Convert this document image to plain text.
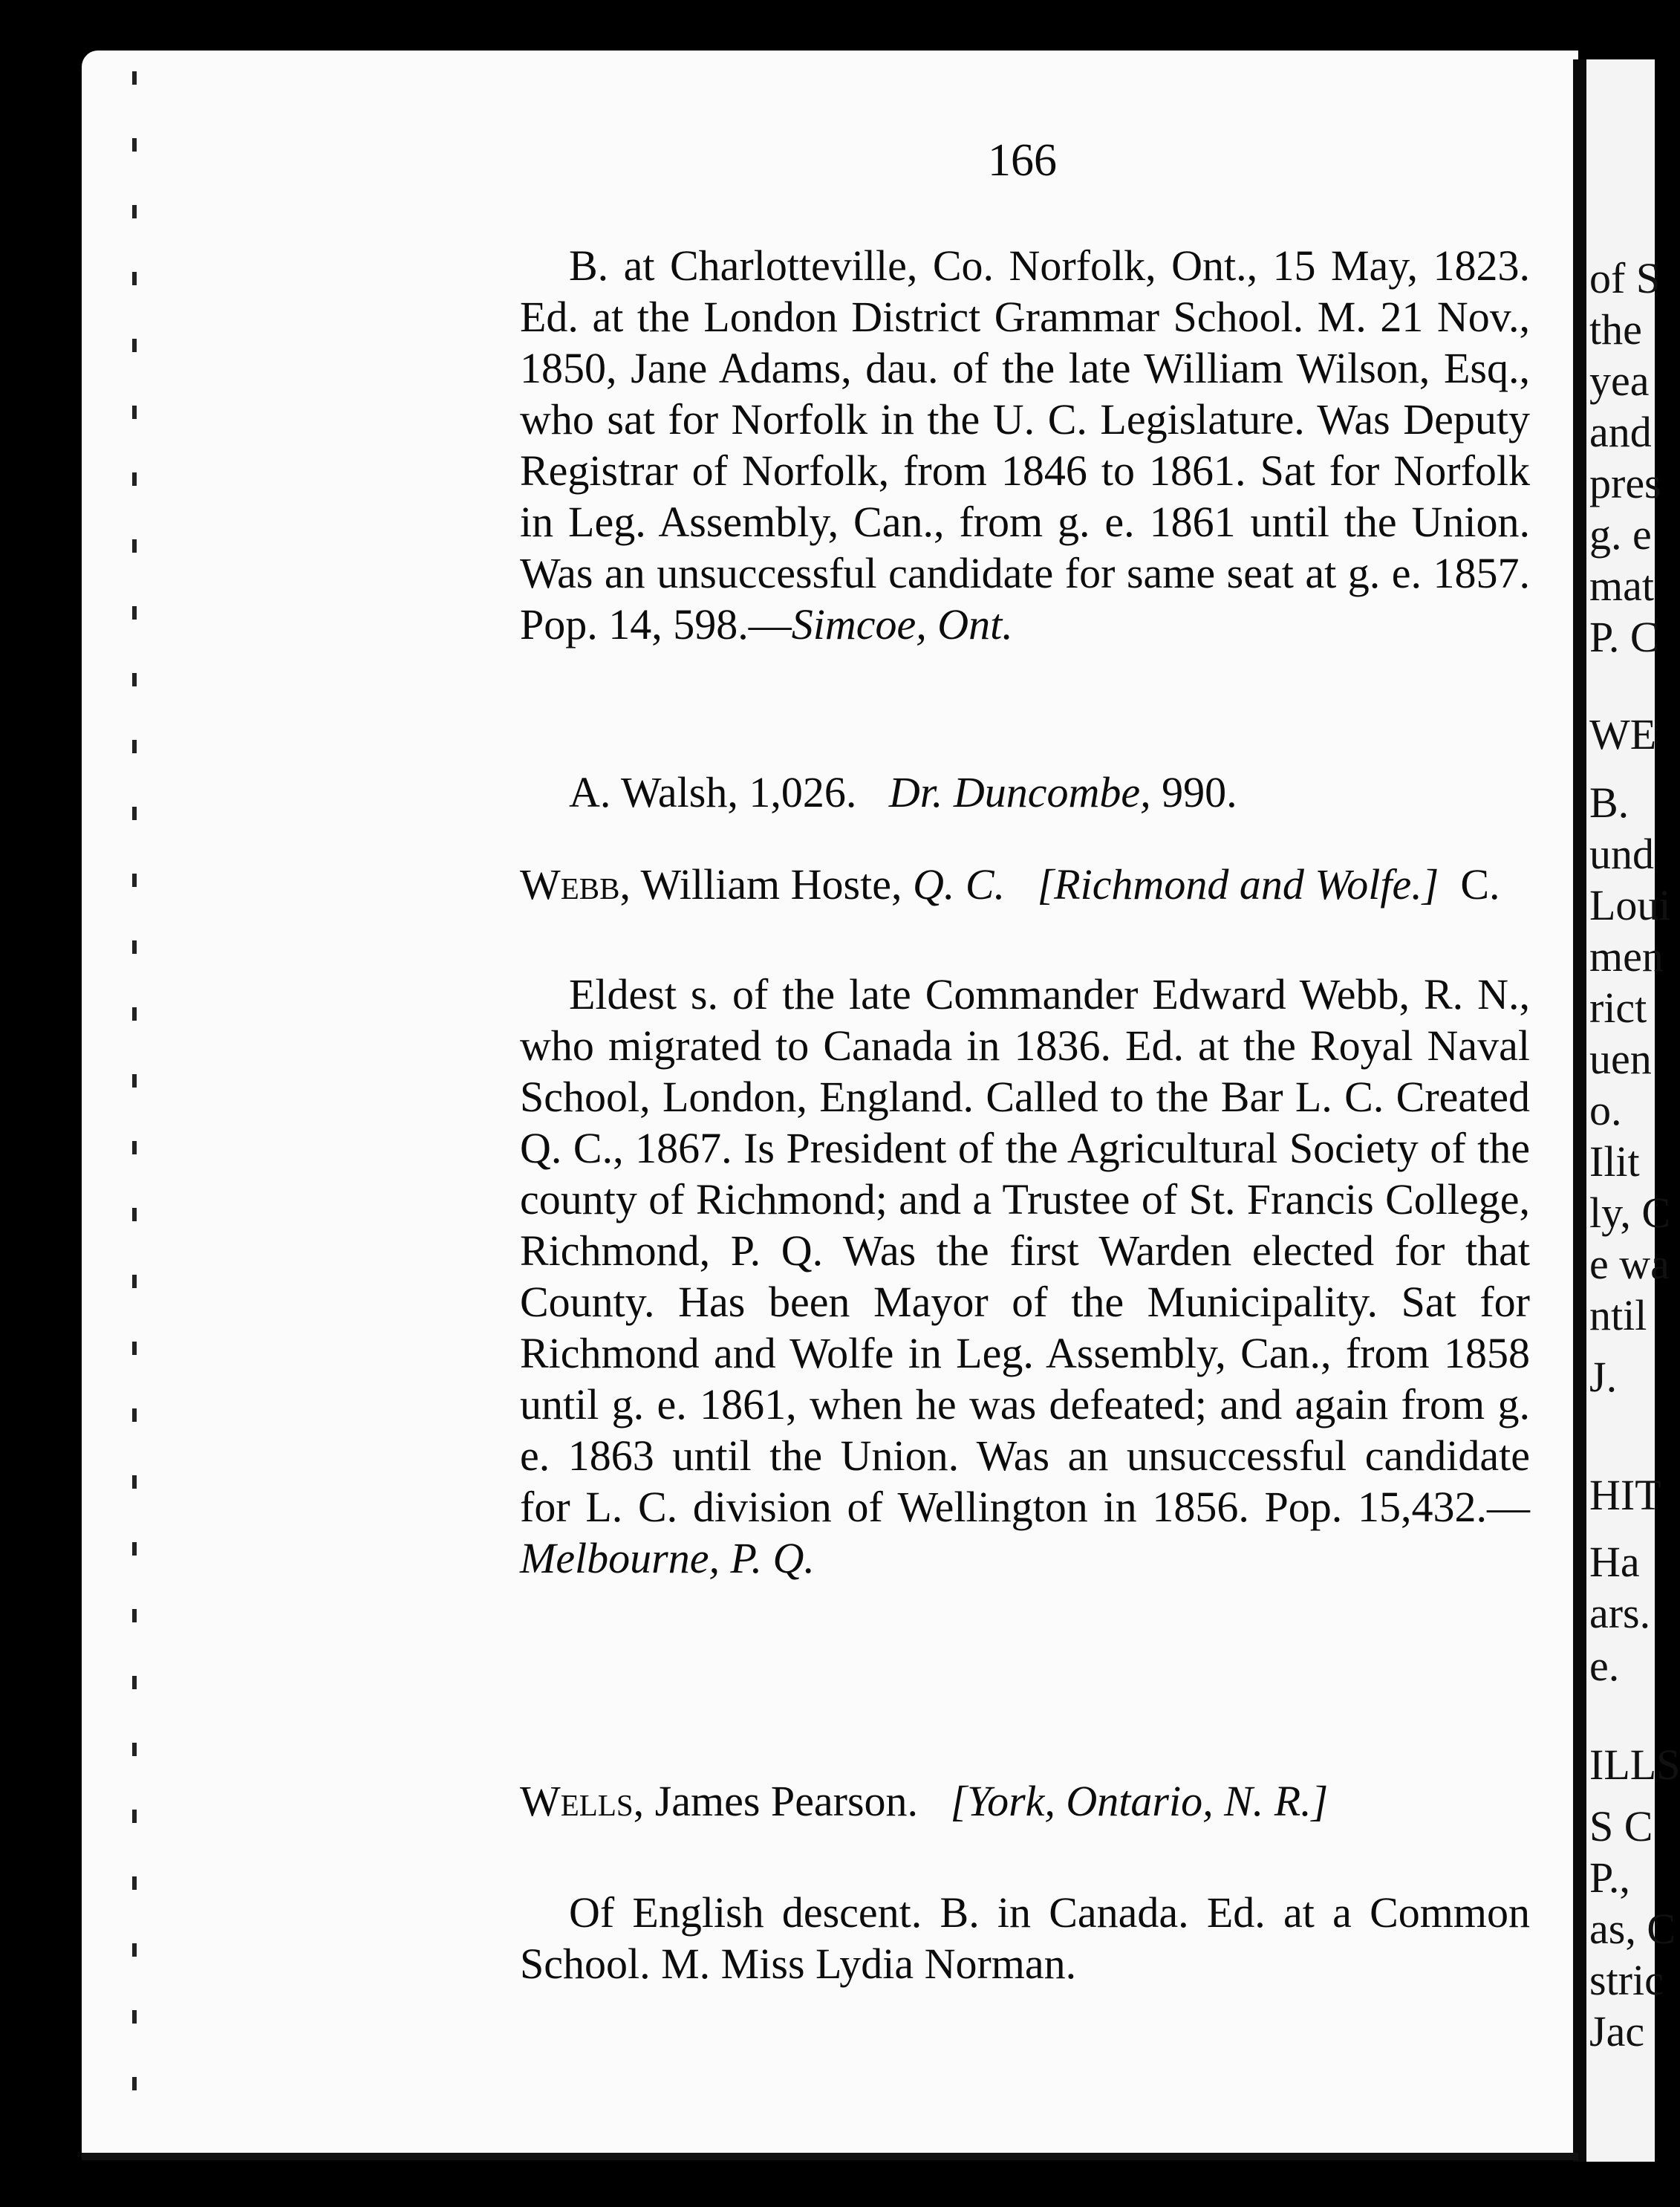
166
B. at Charlotteville, Co. Norfolk, Ont., 15 May, 1823. Ed. at the London District Grammar School. M. 21 Nov., 1850, Jane Adams, dau. of the late William Wilson, Esq., who sat for Norfolk in the U. C. Legislature. Was Deputy Registrar of Norfolk, from 1846 to 1861. Sat for Norfolk in Leg. Assembly, Can., from g. e. 1861 until the Union. Was an unsuccessful candidate for same seat at g. e. 1857. Pop. 14, 598.—Simcoe, Ont.
A. Walsh, 1,026. Dr. Duncombe, 990.
Webb, William Hoste, Q. C. [Richmond and Wolfe.] C.
Eldest s. of the late Commander Edward Webb, R. N., who migrated to Canada in 1836. Ed. at the Royal Naval School, London, England. Called to the Bar L. C. Created Q. C., 1867. Is President of the Agricultural Society of the county of Richmond; and a Trustee of St. Francis College, Richmond, P. Q. Was the first Warden elected for that County. Has been Mayor of the Municipality. Sat for Richmond and Wolfe in Leg. Assembly, Can., from 1858 until g. e. 1861, when he was defeated; and again from g. e. 1863 until the Union. Was an unsuccessful candidate for L. C. division of Wellington in 1856. Pop. 15,432.—Melbourne, P. Q.
Wells, James Pearson. [York, Ontario, N. R.]
Of English descent. B. in Canada. Ed. at a Common School. M. Miss Lydia Norman.
of S
the
yea
and
pres
g. e
mat
P. C
WE
B.
und
Loui
men
rict
uen
o.
Ilit
ly, C
e wa
ntil
J.
HIT
Ha
ars.
e.
ILLS
S C
P.,
as, C
stric
Jac
